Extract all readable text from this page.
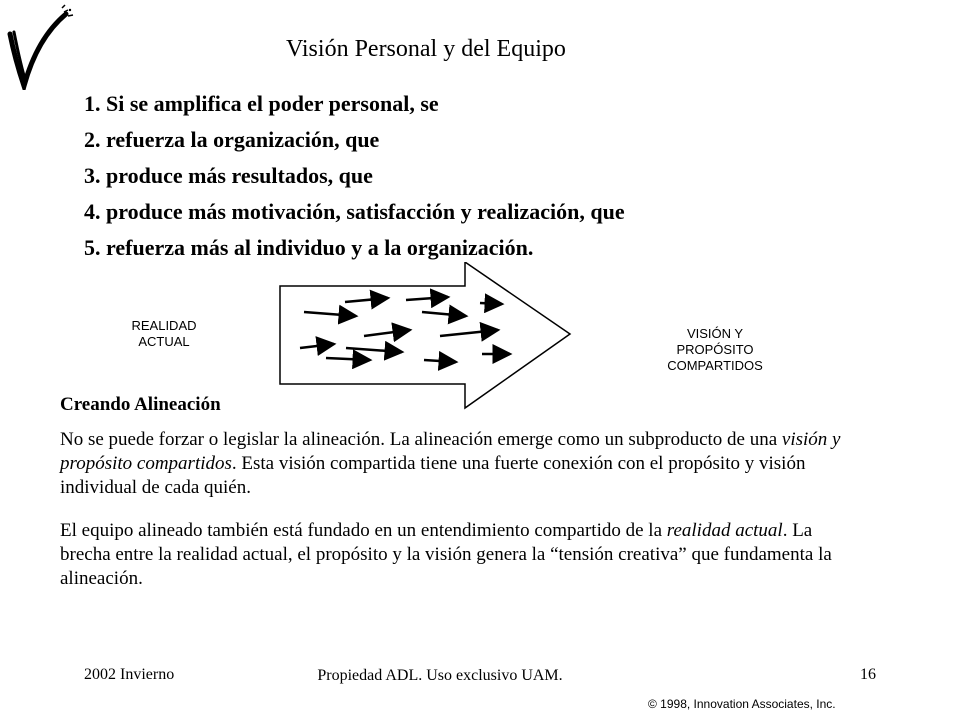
Visión Personal y del Equipo
1. Si se amplifica el poder personal, se
2. refuerza la organización, que
3. produce más resultados, que
4. produce más motivación, satisfacción y realización, que
5. refuerza más al individuo y a la organización.
REALIDAD
ACTUAL
VISIÓN Y
PROPÓSITO
COMPARTIDOS
Creando Alineación

No se puede forzar o legislar la alineación. La alineación emerge como un subproducto de una visión y propósito compartidos. Esta visión compartida tiene una fuerte conexión con el propósito y visión individual de cada quién.

El equipo alineado también está fundado en un entendimiento compartido de la realidad actual. La brecha entre la realidad actual, el propósito y la visión genera la “tensión creativa” que fundamenta la alineación.

2002 Invierno	Propiedad ADL. Uso exclusivo UAM.	16
© 1998, Innovation Associates, Inc.
